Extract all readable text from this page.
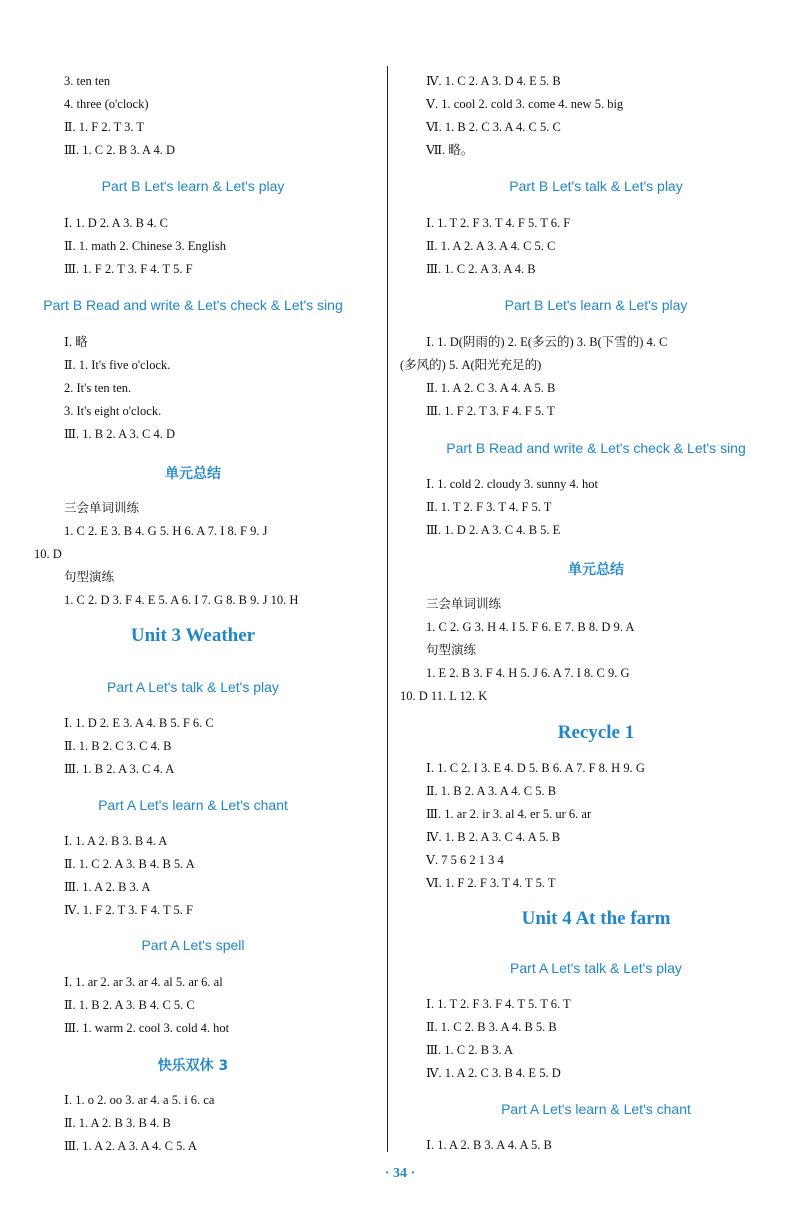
3. ten ten
4. three (o'clock)
Ⅱ. 1. F 2. T 3. T
Ⅲ. 1. C 2. B 3. A 4. D
Part B Let's learn & Let's play
Ⅰ. 1. D 2. A 3. B 4. C
Ⅱ. 1. math 2. Chinese 3. English
Ⅲ. 1. F 2. T 3. F 4. T 5. F
Part B Read and write & Let's check & Let's sing
Ⅰ. 略
Ⅱ. 1. It's five o'clock.
2. It's ten ten.
3. It's eight o'clock.
Ⅲ. 1. B 2. A 3. C 4. D
单元总结
三会单词训练
1. C 2. E 3. B 4. G 5. H 6. A 7. I 8. F 9. J
10. D
句型演练
1. C 2. D 3. F 4. E 5. A 6. I 7. G 8. B 9. J 10. H
Unit 3 Weather
Part A Let's talk & Let's play
Ⅰ. 1. D 2. E 3. A 4. B 5. F 6. C
Ⅱ. 1. B 2. C 3. C 4. B
Ⅲ. 1. B 2. A 3. C 4. A
Part A Let's learn & Let's chant
Ⅰ. 1. A 2. B 3. B 4. A
Ⅱ. 1. C 2. A 3. B 4. B 5. A
Ⅲ. 1. A 2. B 3. A
Ⅳ. 1. F 2. T 3. F 4. T 5. F
Part A Let's spell
Ⅰ. 1. ar 2. ar 3. ar 4. al 5. ar 6. al
Ⅱ. 1. B 2. A 3. B 4. C 5. C
Ⅲ. 1. warm 2. cool 3. cold 4. hot
快乐双休 3
Ⅰ. 1. o 2. oo 3. ar 4. a 5. i 6. ca
Ⅱ. 1. A 2. B 3. B 4. B
Ⅲ. 1. A 2. A 3. A 4. C 5. A
Ⅳ. 1. C 2. A 3. D 4. E 5. B
Ⅴ. 1. cool 2. cold 3. come 4. new 5. big
Ⅵ. 1. B 2. C 3. A 4. C 5. C
Ⅶ. 略。
Part B Let's talk & Let's play
Ⅰ. 1. T 2. F 3. T 4. F 5. T 6. F
Ⅱ. 1. A 2. A 3. A 4. C 5. C
Ⅲ. 1. C 2. A 3. A 4. B
Part B Let's learn & Let's play
Ⅰ. 1. D(阴雨的) 2. E(多云的) 3. B(下雪的) 4. C
(多风的) 5. A(阳光充足的)
Ⅱ. 1. A 2. C 3. A 4. A 5. B
Ⅲ. 1. F 2. T 3. F 4. F 5. T
Part B Read and write & Let's check & Let's sing
Ⅰ. 1. cold 2. cloudy 3. sunny 4. hot
Ⅱ. 1. T 2. F 3. T 4. F 5. T
Ⅲ. 1. D 2. A 3. C 4. B 5. E
单元总结
三会单词训练
1. C 2. G 3. H 4. I 5. F 6. E 7. B 8. D 9. A
句型演练
1. E 2. B 3. F 4. H 5. J 6. A 7. I 8. C 9. G
10. D 11. L 12. K
Recycle 1
Ⅰ. 1. C 2. I 3. E 4. D 5. B 6. A 7. F 8. H 9. G
Ⅱ. 1. B 2. A 3. A 4. C 5. B
Ⅲ. 1. ar 2. ir 3. al 4. er 5. ur 6. ar
Ⅳ. 1. B 2. A 3. C 4. A 5. B
Ⅴ. 7 5 6 2 1 3 4
Ⅵ. 1. F 2. F 3. T 4. T 5. T
Unit 4 At the farm
Part A Let's talk & Let's play
Ⅰ. 1. T 2. F 3. F 4. T 5. T 6. T
Ⅱ. 1. C 2. B 3. A 4. B 5. B
Ⅲ. 1. C 2. B 3. A
Ⅳ. 1. A 2. C 3. B 4. E 5. D
Part A Let's learn & Let's chant
Ⅰ. 1. A 2. B 3. A 4. A 5. B
· 34 ·
